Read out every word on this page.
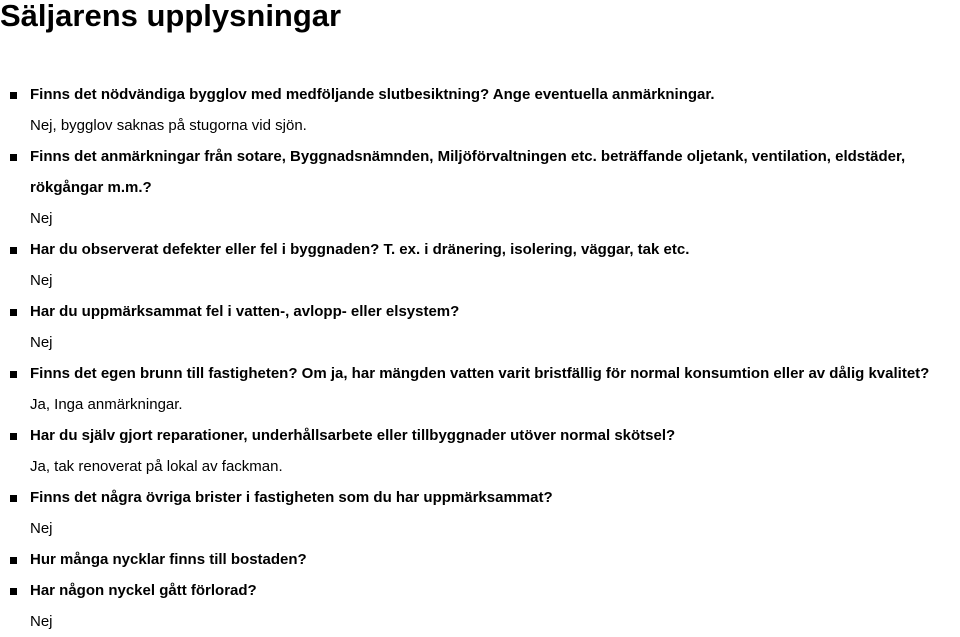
Säljarens upplysningar
Finns det nödvändiga bygglov med medföljande slutbesiktning? Ange eventuella anmärkningar.
Nej, bygglov saknas på stugorna vid sjön.
Finns det anmärkningar från sotare, Byggnadsnämnden, Miljöförvaltningen etc. beträffande oljetank, ventilation, eldstäder, rökgångar m.m.?
Nej
Har du observerat defekter eller fel i byggnaden? T. ex. i dränering, isolering, väggar, tak etc.
Nej
Har du uppmärksammat fel i vatten-, avlopp- eller elsystem?
Nej
Finns det egen brunn till fastigheten? Om ja, har mängden vatten varit bristfällig för normal konsumtion eller av dålig kvalitet?
Ja, Inga anmärkningar.
Har du själv gjort reparationer, underhållsarbete eller tillbyggnader utöver normal skötsel?
Ja, tak renoverat på lokal av fackman.
Finns det några övriga brister i fastigheten som du har uppmärksammat?
Nej
Hur många nycklar finns till bostaden?
Har någon nyckel gått förlorad?
Nej
